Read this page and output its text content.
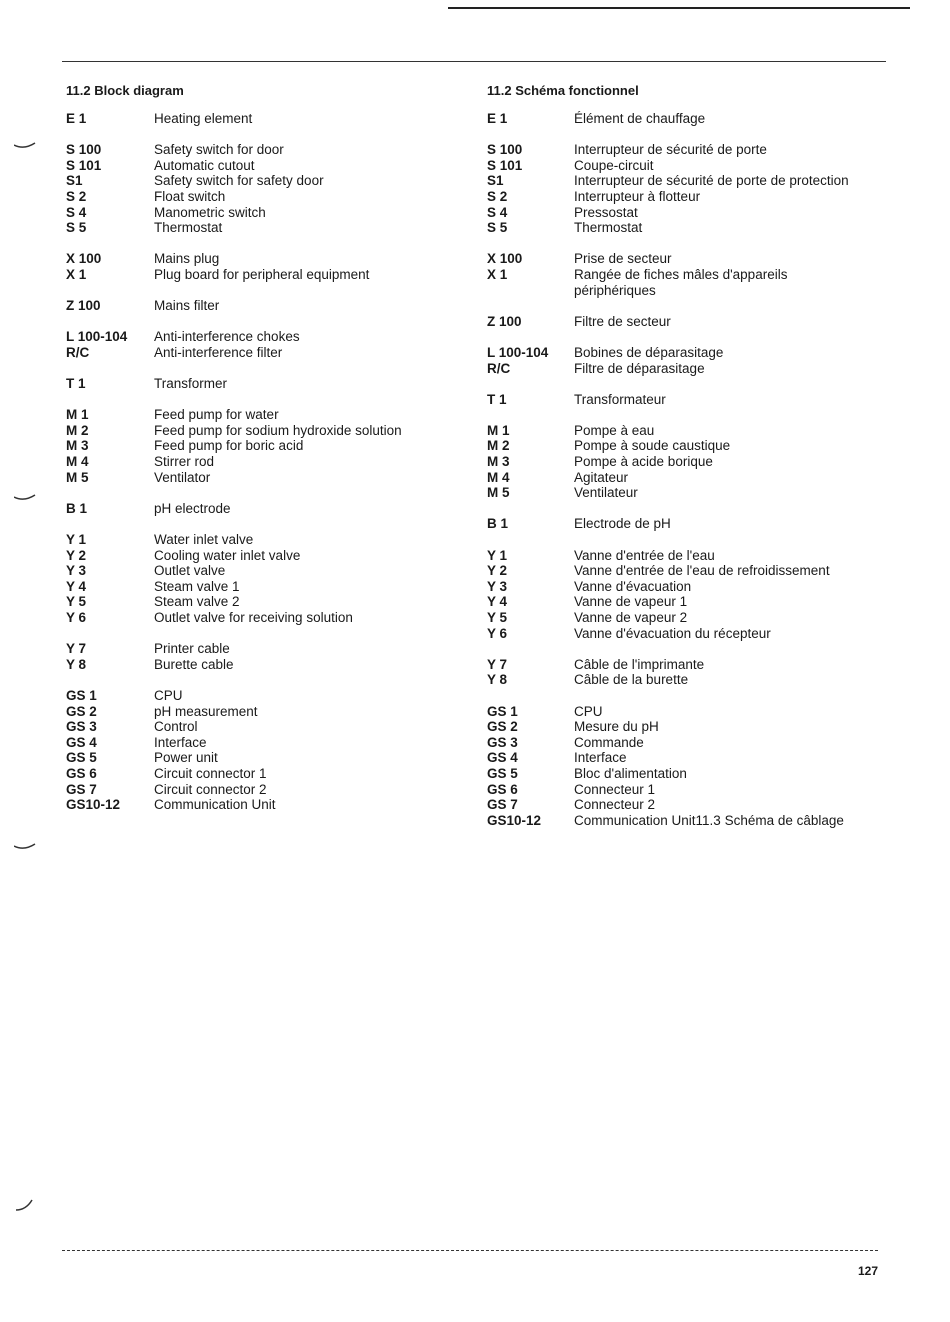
11.2 Block diagram
E 1	Heating element
S 100	Safety switch for door
S 101	Automatic cutout
S1	Safety switch for safety door
S 2	Float switch
S 4	Manometric switch
S 5	Thermostat
X 100	Mains plug
X 1	Plug board for peripheral equipment
Z 100	Mains filter
L 100-104	Anti-interference chokes
R/C	Anti-interference filter
T 1	Transformer
M 1	Feed pump for water
M 2	Feed pump for sodium hydroxide solution
M 3	Feed pump for boric acid
M 4	Stirrer rod
M 5	Ventilator
B 1	pH electrode
Y 1	Water inlet valve
Y 2	Cooling water inlet valve
Y 3	Outlet valve
Y 4	Steam valve 1
Y 5	Steam valve 2
Y 6	Outlet valve for receiving solution
Y 7	Printer cable
Y 8	Burette cable
GS 1	CPU
GS 2	pH measurement
GS 3	Control
GS 4	Interface
GS 5	Power unit
GS 6	Circuit connector 1
GS 7	Circuit connector 2
GS10-12	Communication Unit
11.2 Schéma fonctionnel
E 1	Élément de chauffage
S 100	Interrupteur de sécurité de porte
S 101	Coupe-circuit
S1	Interrupteur de sécurité de porte de protection
S 2	Interrupteur à flotteur
S 4	Pressostat
S 5	Thermostat
X 100	Prise de secteur
X 1	Rangée de fiches mâles d'appareils
périphériques
Z 100	Filtre de secteur
L 100-104	Bobines de déparasitage
R/C	Filtre de déparasitage
T 1	Transformateur
M 1	Pompe à eau
M 2	Pompe à soude caustique
M 3	Pompe à acide borique
M 4	Agitateur
M 5	Ventilateur
B 1	Electrode de pH
Y 1	Vanne d'entrée de l'eau
Y 2	Vanne d'entrée de l'eau de refroidissement
Y 3	Vanne d'évacuation
Y 4	Vanne de vapeur 1
Y 5	Vanne de vapeur 2
Y 6	Vanne d'évacuation du récepteur
Y 7	Câble de l'imprimante
Y 8	Câble de la burette
GS 1	CPU
GS 2	Mesure du pH
GS 3	Commande
GS 4	Interface
GS 5	Bloc d'alimentation
GS 6	Connecteur 1
GS 7	Connecteur 2
GS10-12	Communication Unit11.3 Schéma de câblage
127
